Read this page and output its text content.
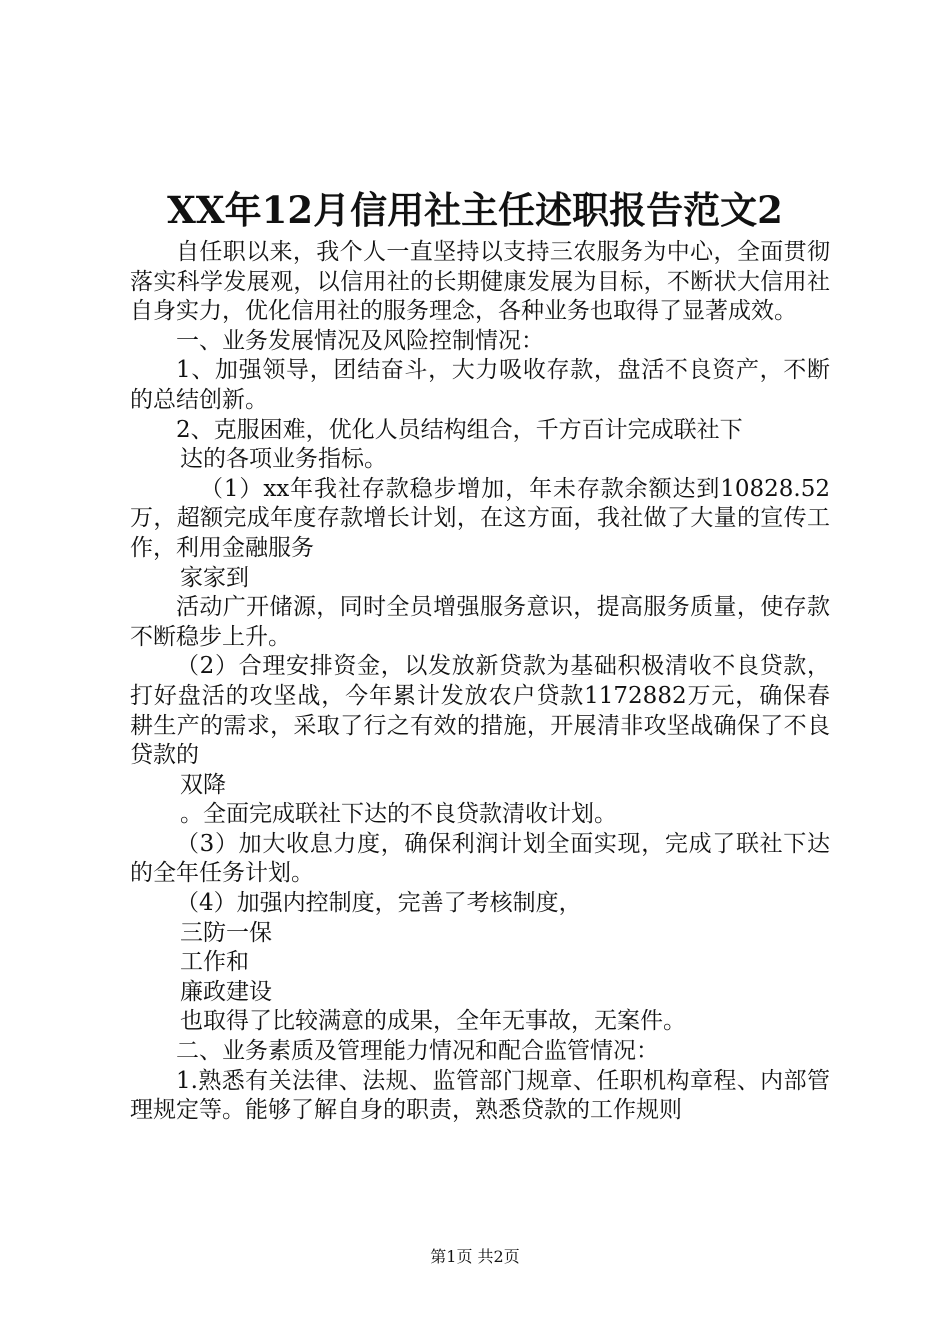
XX年12月信用社主任述职报告范文2

自任职以来，我个人一直坚持以支持三农服务为中心，全面贯彻落实科学发展观，以信用社的长期健康发展为目标，不断状大信用社自身实力，优化信用社的服务理念，各种业务也取得了显著成效。

一、业务发展情况及风险控制情况：

1、加强领导，团结奋斗，大力吸收存款，盘活不良资产，不断的总结创新。

2、克服困难，优化人员结构组合，千方百计完成联社下

达的各项业务指标。

（1）xx年我社存款稳步增加，年未存款余额达到10828.52万，超额完成年度存款增长计划，在这方面，我社做了大量的宣传工作，利用金融服务

家家到

活动广开储源，同时全员增强服务意识，提高服务质量，使存款不断稳步上升。

（2）合理安排资金，以发放新贷款为基础积极清收不良贷款，打好盘活的攻坚战，今年累计发放农户贷款1172882万元，确保春耕生产的需求，采取了行之有效的措施，开展清非攻坚战确保了不良贷款的

双降

。全面完成联社下达的不良贷款清收计划。

（3）加大收息力度，确保利润计划全面实现，完成了联社下达的全年任务计划。

（4）加强内控制度，完善了考核制度，

三防一保

工作和

廉政建设

也取得了比较满意的成果，全年无事故，无案件。

二、业务素质及管理能力情况和配合监管情况：

1.熟悉有关法律、法规、监管部门规章、任职机构章程、内部管理规定等。能够了解自身的职责，熟悉贷款的工作规则

第1页 共2页
